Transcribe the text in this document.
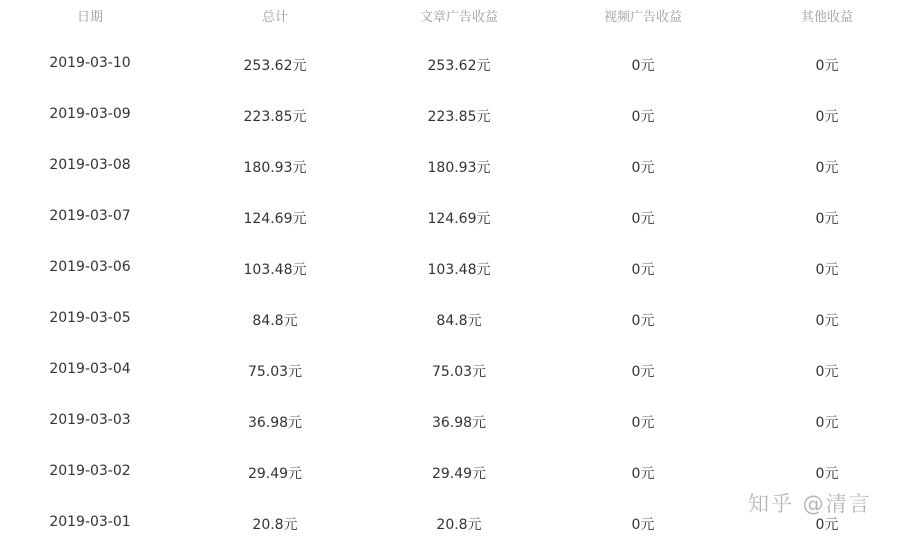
日期	总计	文章广告收益	视频广告收益	其他收益
2019-03-10	253.62元	253.62元	0元	0元
2019-03-09	223.85元	223.85元	0元	0元
2019-03-08	180.93元	180.93元	0元	0元
2019-03-07	124.69元	124.69元	0元	0元
2019-03-06	103.48元	103.48元	0元	0元
2019-03-05	84.8元	84.8元	0元	0元
2019-03-04	75.03元	75.03元	0元	0元
2019-03-03	36.98元	36.98元	0元	0元
2019-03-02	29.49元	29.49元	0元	0元
2019-03-01	20.8元	20.8元	0元	0元
知乎 @清言
